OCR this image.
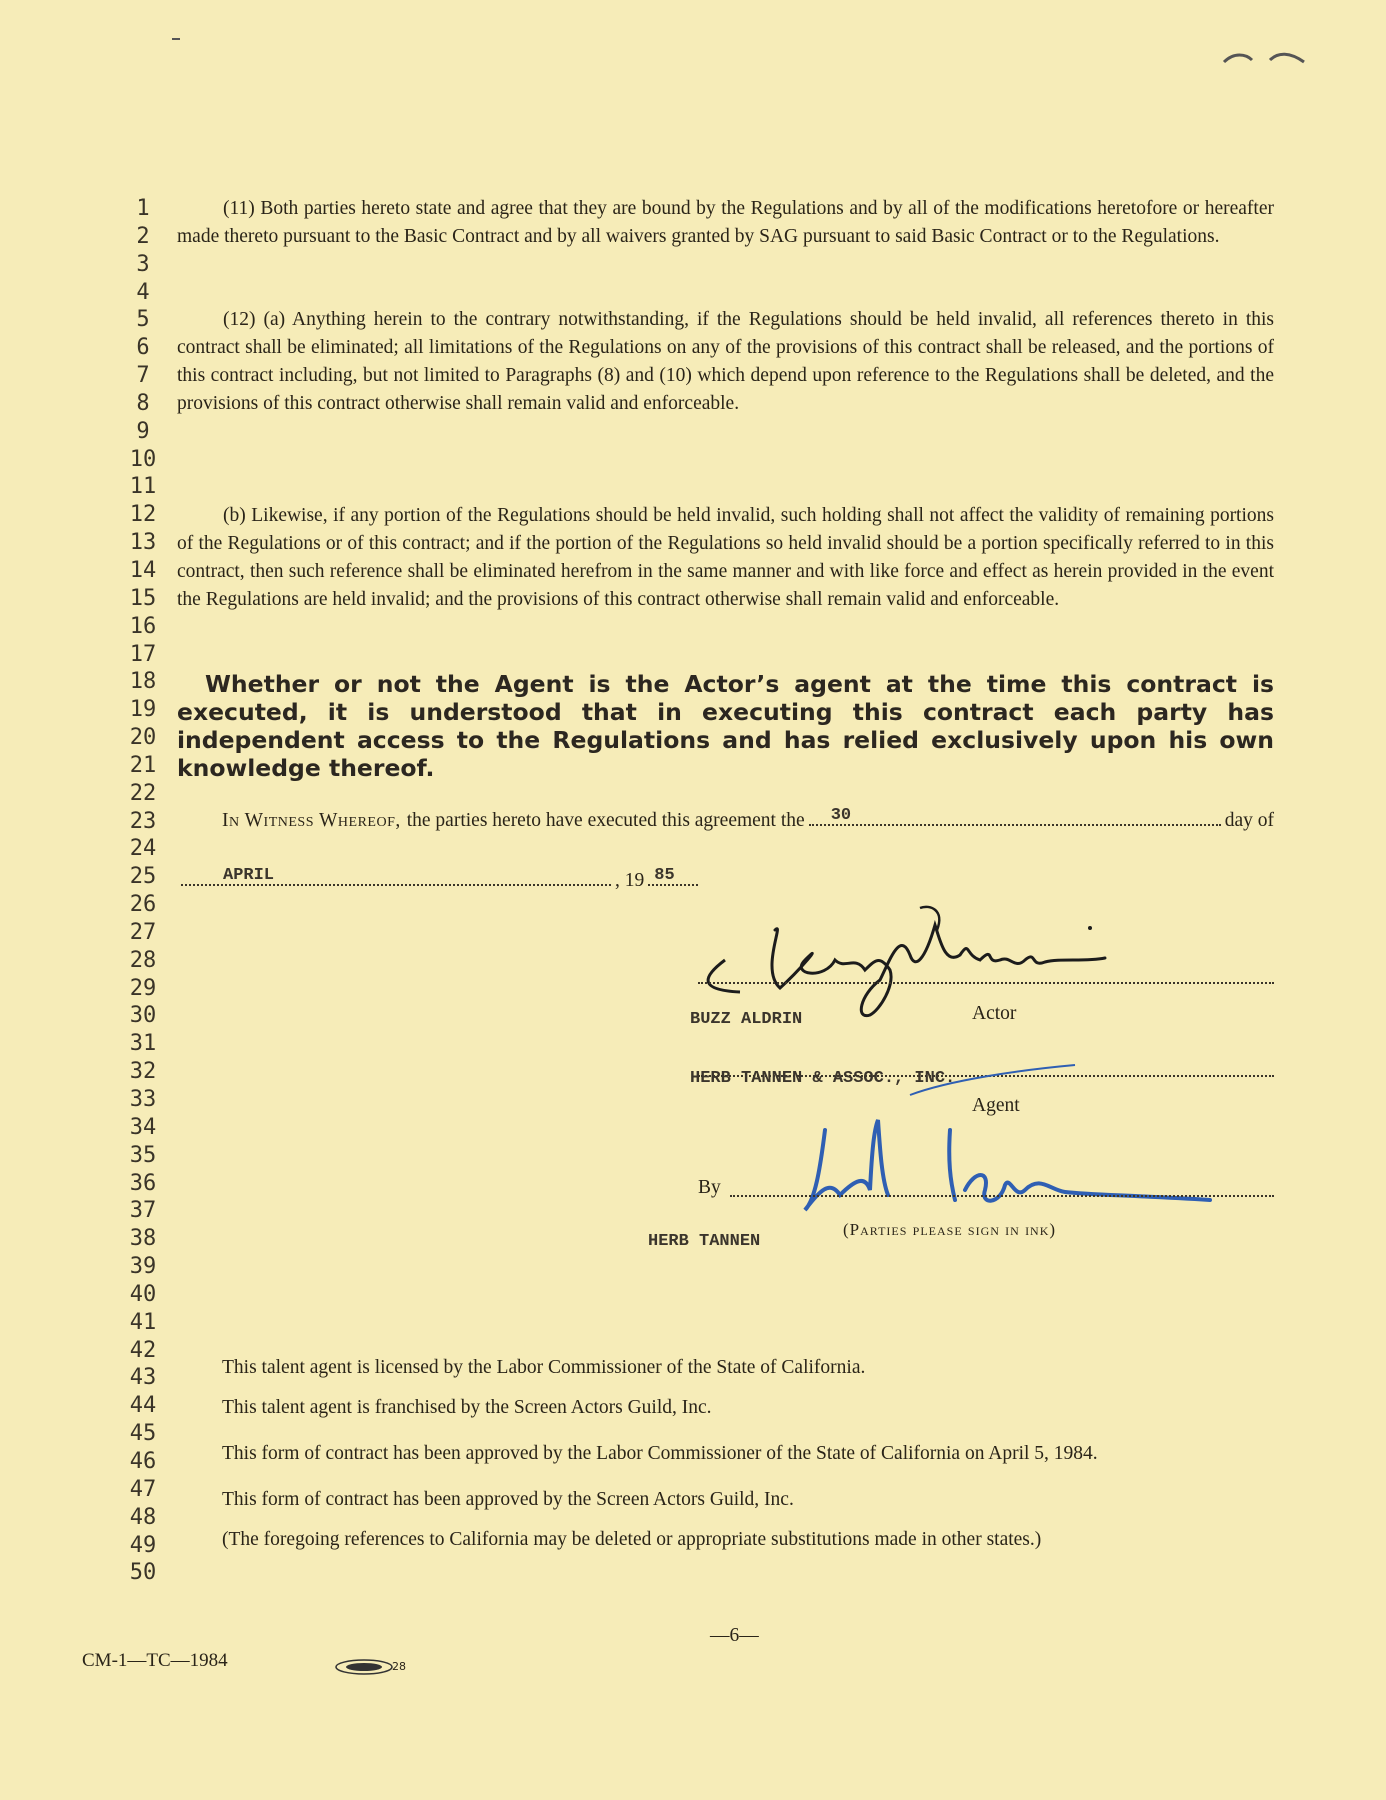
1
2
3
4
5
6
7
8
9
10
11
12
13
14
15
16
17
18
19
20
21
22
23
24
25
26
27
28
29
30
31
32
33
34
35
36
37
38
39
40
41
42
43
44
45
46
47
48
49
50

(11) Both parties hereto state and agree that they are bound by the Regulations and by all of the modifications heretofore or hereafter made thereto pursuant to the Basic Contract and by all waivers granted by SAG pursuant to said Basic Contract or to the Regulations.

(12) (a) Anything herein to the contrary notwithstanding, if the Regulations should be held invalid, all references thereto in this contract shall be eliminated; all limitations of the Regulations on any of the provisions of this contract shall be released, and the portions of this contract including, but not limited to Paragraphs (8) and (10) which depend upon reference to the Regulations shall be deleted, and the provisions of this contract otherwise shall remain valid and enforceable.

(b) Likewise, if any portion of the Regulations should be held invalid, such holding shall not affect the validity of remaining portions of the Regulations or of this contract; and if the portion of the Regulations so held invalid should be a portion specifically referred to in this contract, then such reference shall be eliminated herefrom in the same manner and with like force and effect as herein provided in the event the Regulations are held invalid; and the provisions of this contract otherwise shall remain valid and enforceable.

Whether or not the Agent is the Actor’s agent at the time this contract is executed, it is understood that in executing this contract each party has independent access to the Regulations and has relied exclusively upon his own knowledge thereof.
In Witness Whereof, the parties hereto have executed this agreement the 30	day of
APRIL	, 19 85
BUZZ ALDRIN	Actor
HERB TANNEN & ASSOC., INC.
Agent
By
HERB TANNEN
(Parties please sign in ink)

This talent agent is licensed by the Labor Commissioner of the State of California.

This talent agent is franchised by the Screen Actors Guild, Inc.

This form of contract has been approved by the Labor Commissioner of the State of California on April 5, 1984.

This form of contract has been approved by the Screen Actors Guild, Inc.

(The foregoing references to California may be deleted or appropriate substitutions made in other states.)

—6—
CM-1—TC—1984	28
